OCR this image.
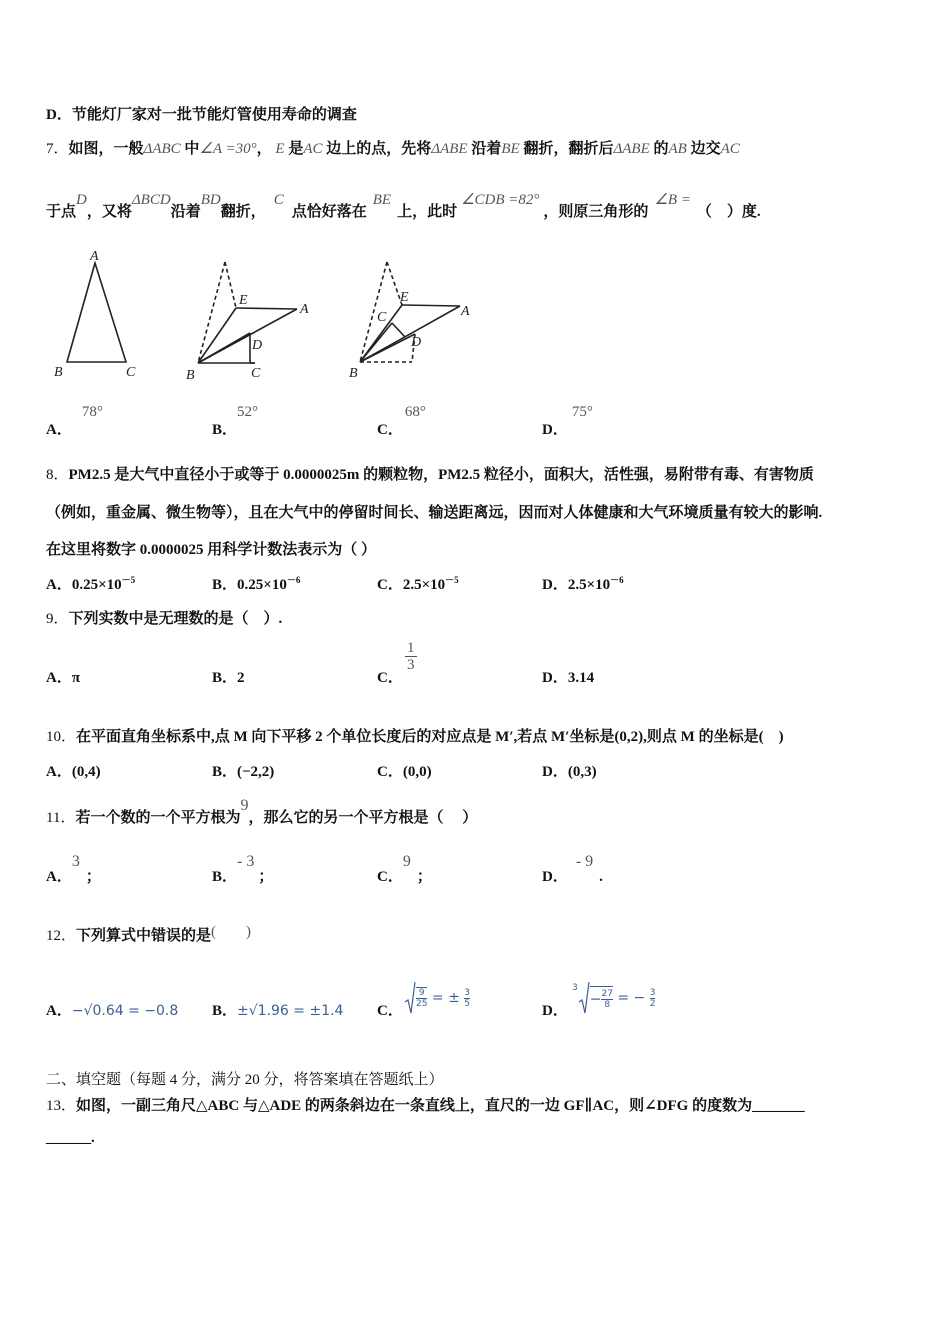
D．节能灯厂家对一批节能灯管使用寿命的调查
7．如图，一般ΔABC 中∠A =30°， E 是AC 边上的点，先将ΔABE 沿着BE 翻折，翻折后ΔABE 的AB 边交AC
于点D，又将ΔBCD沿着BD翻折，C点恰好落在BE上，此时∠CDB =82°，则原三角形的∠B =（　）度.
A
B	C
E
A
D
B	C
E
A
C
D
B
A．78°
B．52°
C．68°
D．75°
8．PM2.5 是大气中直径小于或等于 0.0000025m 的颗粒物，PM2.5 粒径小，面积大，活性强，易附带有毒、有害物质
（例如，重金属、微生物等），且在大气中的停留时间长、输送距离远，因而对人体健康和大气环境质量有较大的影响.
在这里将数字 0.0000025 用科学计数法表示为（ ）
A．$0.25\times 10^{-5}$	B．$0.25\times 10^{-6}$	C．$2.5\times 10^{-5}$	D．$2.5\times 10^{-6}$
9．下列实数中是无理数的是（　）.
A．π	B．2	C．
$\frac{1}{3}$
D．3.14
10．在平面直角坐标系中,点 M 向下平移 2 个单位长度后的对应点是 M′,若点 M′坐标是(0,2),则点 M 的坐标是(　)
A．(0,4)	B．(−2,2)	C．(0,0)	D．(0,3)
11．若一个数的一个平方根为9，那么它的另一个平方根是（　 ）
A．3；	B．- 3；	C．9；	D．- 9.
12．下列算式中错误的是(　　)
A．−√0.64 = −0.8 B．±√1.96 = ±1.4 C．
$\frac{9}{25}$ = ± $\frac{3}{5}$
D．
$^3- \frac{27}{8}$ = − $\frac{3}{2}$
二、填空题（每题 4 分，满分 20 分，将答案填在答题纸上）
13．如图，一副三角尺△ABC 与△ADE 的两条斜边在一条直线上，直尺的一边 GF∥AC，则∠DFG 的度数为_______
______.
